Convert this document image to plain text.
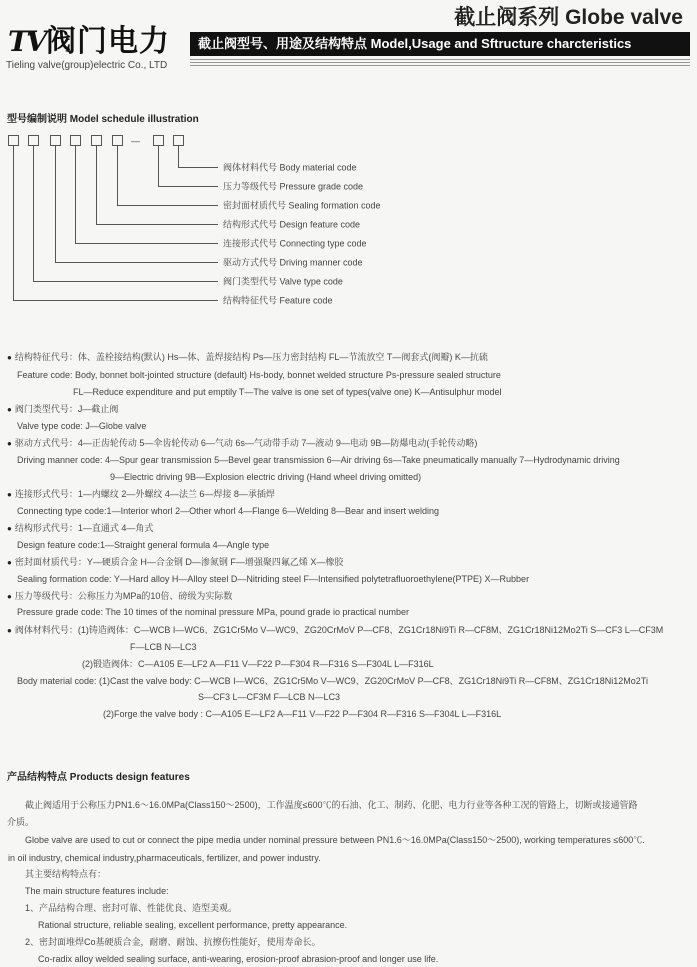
TV 阀门电力
Tieling valve(group)electric Co., LTD
截止阀系列 Globe valve
截止阀型号、用途及结构特点 Model,Usage and Sftructure charcteristics
型号编制说明 Model schedule illustration
—
阀体材料代号 Body material code
压力等级代号 Pressure grade code
密封面材质代号 Sealing formation code
结构形式代号 Design feature code
连接形式代号 Connecting type code
驱动方式代号 Driving manner code
阀门类型代号 Valve type code
结构特征代号 Feature code
● 结构特征代号：体、盖栓接结构(默认) Hs—体、盖焊接结构 Ps—压力密封结构 FL—节流放空 T—阀套式(阀瓣) K—抗硫
Feature code: Body, bonnet bolt-jointed structure (default) Hs-body, bonnet welded structure Ps-pressure sealed structure
FL—Reduce expenditure and put emptily T—The valve is one set of types(valve one) K—Antisulphur model
● 阀门类型代号：J—截止阀
Valve type code: J—Globe valve
● 驱动方式代号：4—正齿轮传动 5—伞齿轮传动 6—气动 6s—气动带手动 7—液动 9—电动 9B—防爆电动(手轮传动略)
Driving manner code: 4—Spur gear transmission 5—Bevel gear transmission 6—Air driving 6s—Take pneumatically manually 7—Hydrodynamic driving
9—Electric driving 9B—Explosion electric driving (Hand wheel driving omitted)
● 连接形式代号：1—内螺纹 2—外螺纹 4—法兰 6—焊接 8—承插焊
Connecting type code:1—Interior whorl 2—Other whorl 4—Flange 6—Welding 8—Bear and insert welding
● 结构形式代号：1—直通式 4—角式
Design feature code:1—Straight general formula 4—Angle type
● 密封面材质代号：Y—硬质合金 H—合金钢 D—渗氮钢 F—增强聚四氟乙烯 X—橡胶
Sealing formation code: Y—Hard alloy H—Alloy steel D—Nitriding steel F—Intensified polytetrafluoroethylene(PTPE) X—Rubber
● 压力等级代号：公称压力为MPa的10倍、磅级为实际数
Pressure grade code: The 10 times of the nominal pressure MPa, pound grade io practical number
● 阀体材料代号：(1)铸造阀体：C—WCB I—WC6、ZG1Cr5Mo V—WC9、ZG20CrMoV P—CF8、ZG1Cr18Ni9Ti R—CF8M、ZG1Cr18Ni12Mo2Ti S—CF3 L—CF3M
F—LCB N—LC3
(2)锻造阀体：C—A105 E—LF2 A—F11 V—F22 P—F304 R—F316 S—F304L L—F316L
Body material code: (1)Cast the valve body: C—WCB I—WC6、ZG1Cr5Mo V—WC9、ZG20CrMoV P—CF8、ZG1Cr18Ni9Ti R—CF8M、ZG1Cr18Ni12Mo2Ti
S—CF3 L—CF3M F—LCB N—LC3
(2)Forge the valve body : C—A105 E—LF2 A—F11 V—F22 P—F304 R—F316 S—F304L L—F316L
产品结构特点 Products design features
截止阀适用于公称压力PN1.6～16.0MPa(Class150～2500)，工作温度≤600℃的石油、化工、制药、化肥、电力行业等各种工况的管路上，切断或接通管路
介质。
Globe valve are used to cut or connect the pipe media under nominal pressure between PN1.6～16.0MPa(Class150～2500), working temperatures ≤600℃.
in oil industry, chemical industry,pharmaceuticals, fertilizer, and power industry.
其主要结构特点有：
The main structure features include:
1、产品结构合理、密封可靠、性能优良、造型美观。
Rational structure, reliable sealing, excellent performance, pretty appearance.
2、密封面堆焊Co基硬质合金，耐磨、耐蚀、抗擦伤性能好，使用寿命长。
Co-radix alloy welded sealing surface, anti-wearing, erosion-proof abrasion-proof and longer use life.
